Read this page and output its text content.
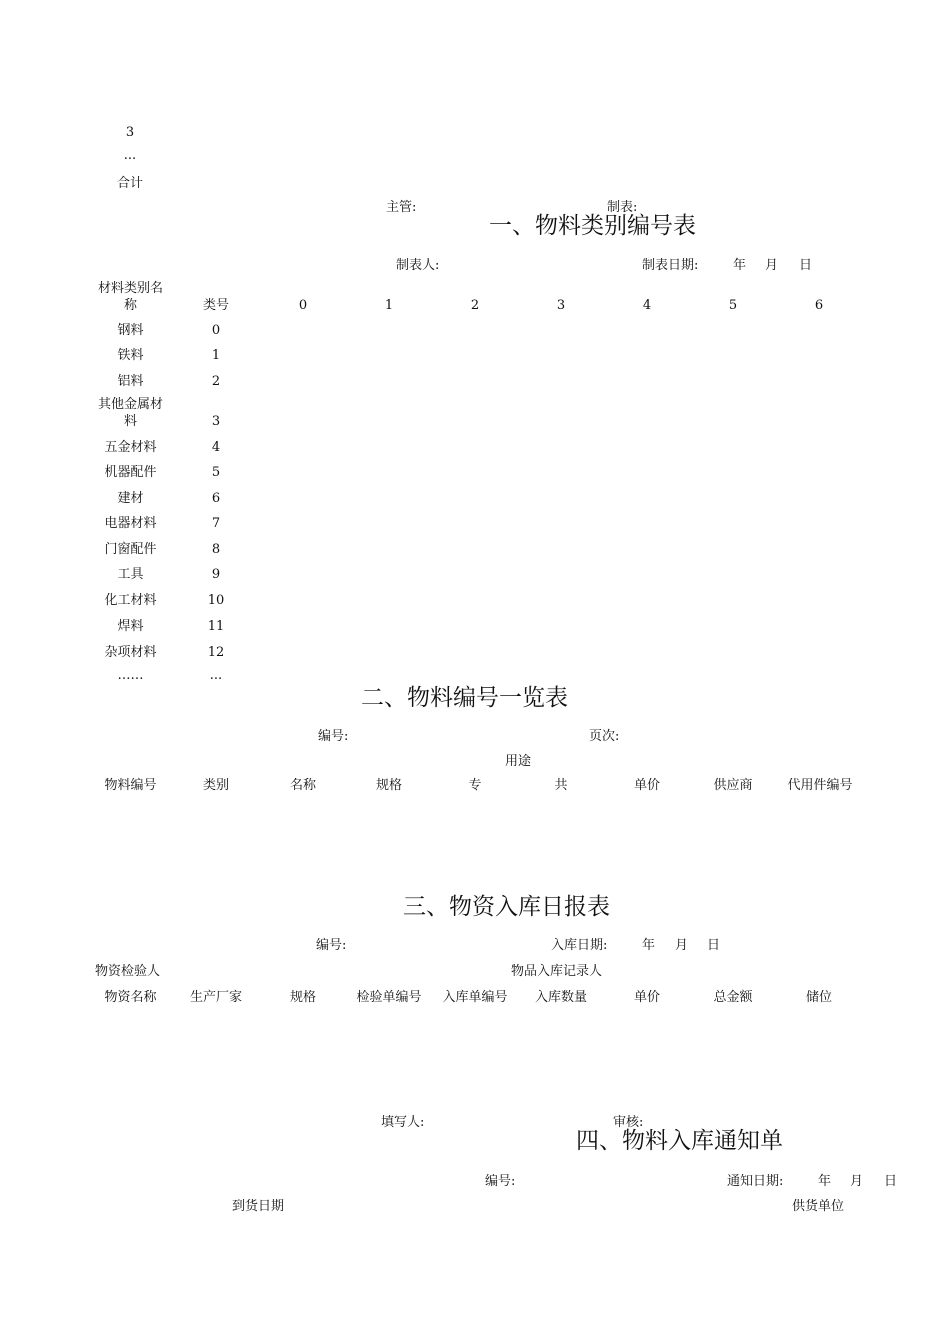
3
...
合计
主管:	制表:
一、物料类别编号表
制表人:	制表日期:	年 月 日
材料类别名称	类号	0	1	2	3	4	5	6
钢料	0
铁料	1
铝料	2
其他金属材料	3
五金材料	4
机器配件	5
建材	6
电器材料	7
门窗配件	8
工具	9
化工材料	10
焊料	11
杂项材料	12
……	...
二、物料编号一览表
编号:	页次:
用途
物料编号	类别	名称	规格	专	共	单价	供应商	代用件编号
三、物资入库日报表
编号:	入库日期:	年 月 日
物资检验人	物品入库记录人
物资名称	生产厂家	规格	检验单编号	入库单编号	入库数量	单价	总金额	储位
填写人:	审核:
四、物料入库通知单
编号:	通知日期:	年 月 日
到货日期	供货单位
